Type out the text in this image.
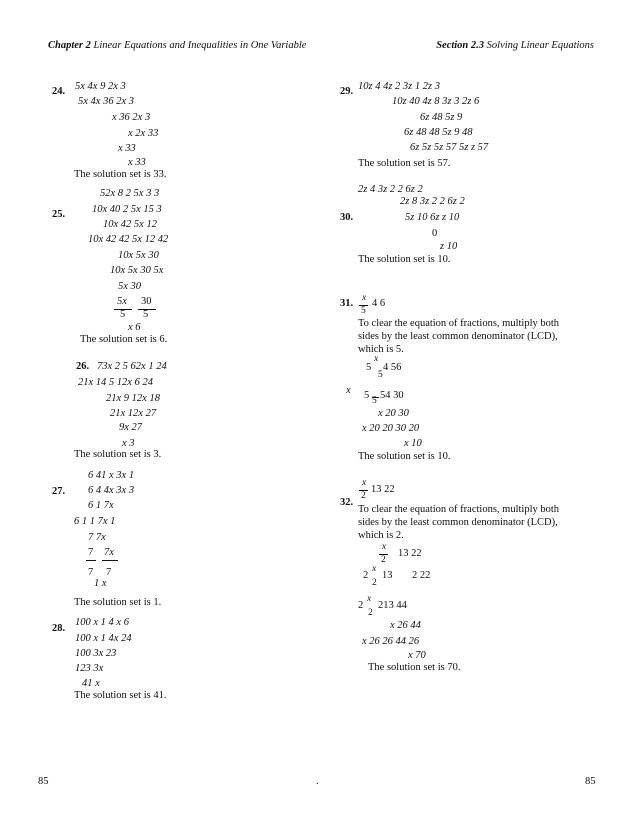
Chapter 2 Linear Equations and Inequalities in One Variable	Section 2.3 Solving Linear Equations
24. 5x 4x 9 2x 3
5x 4x 36 2x 3
x 36 2x 3
x 2x 33
x 33
x 33
The solution set is 33.
25.
52x 8 2 5x 3 3
10x 40 2 5x 15 3
10x 42 5x 12
10x 42 42 5x 12 42
10x 5x 30
10x 5x 30 5x
5x 30
5x
5
30
5
x 6
The solution set is 6.
26. 73x 2 5 62x 1 24
21x 14 5 12x 6 24
21x 9 12x 18
21x 12x 27
9x 27
x 3
The solution set is 3.
27.
6 41 x 3x 1
6 4 4x 3x 3
6 1 7x
6 1 1 7x 1
7 7x
7 7x
7 7
1 x
The solution set is 1.
28.
100 x 1 4 x 6
100 x 1 4x 24
100 3x 23
123 3x
41 x
The solution set is 41.
29. 10z 4 4z 2 3z 1 2z 3
10z 40 4z 8 3z 3 2z 6
6z 48 5z 9
6z 48 48 5z 9 48
6z 5z 5z 57 5z z 57
The solution set is 57.
30.
2z 4 3z 2 2 6z 2
2z 8 3z 2 2 6z 2
5z 10 6z z 10
0
z 10
The solution set is 10.
31. x
5
4 6
To clear the equation of fractions, multiply both
sides by the least common denominator (LCD),
which is 5.
5
x
5
4 56
x 5 5 54 30
x 20 30
x 20 20 30 20
x 10
The solution set is 10.
32.
x
2
13 22
To clear the equation of fractions, multiply both
sides by the least common denominator (LCD),
which is 2.
x
2
13 22
2
x
2
13 2 22
2
x
2
213 44
x 26 44
x 26 26 44 26
x 70
The solution set is 70.
85	.	85
